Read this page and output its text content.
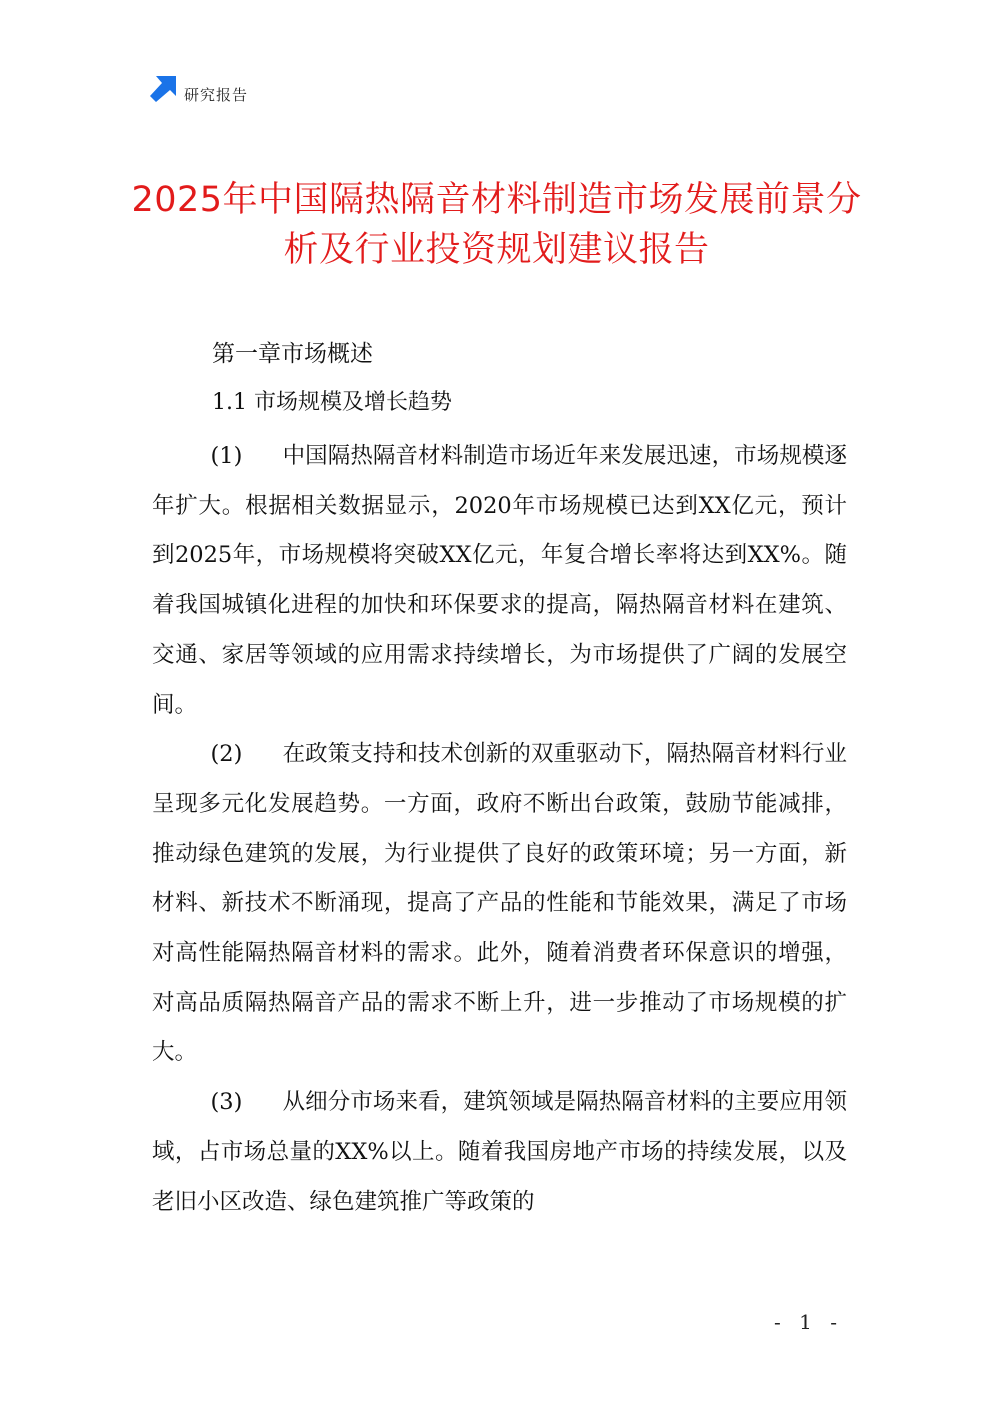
研究报告
2025年中国隔热隔音材料制造市场发展前景分析及行业投资规划建议报告
第一章市场概述
1.1 市场规模及增长趋势

(1) 中国隔热隔音材料制造市场近年来发展迅速，市场规模逐年扩大。根据相关数据显示，2020年市场规模已达到XX亿元，预计到2025年，市场规模将突破XX亿元，年复合增长率将达到XX%。随着我国城镇化进程的加快和环保要求的提高，隔热隔音材料在建筑、交通、家居等领域的应用需求持续增长，为市场提供了广阔的发展空间。

(2) 在政策支持和技术创新的双重驱动下，隔热隔音材料行业呈现多元化发展趋势。一方面，政府不断出台政策，鼓励节能减排，推动绿色建筑的发展，为行业提供了良好的政策环境；另一方面，新材料、新技术不断涌现，提高了产品的性能和节能效果，满足了市场对高性能隔热隔音材料的需求。此外，随着消费者环保意识的增强，对高品质隔热隔音产品的需求不断上升，进一步推动了市场规模的扩大。

(3) 从细分市场来看，建筑领域是隔热隔音材料的主要应用领域，占市场总量的XX%以上。随着我国房地产市场的持续发展，以及老旧小区改造、绿色建筑推广等政策的

- 1 -
